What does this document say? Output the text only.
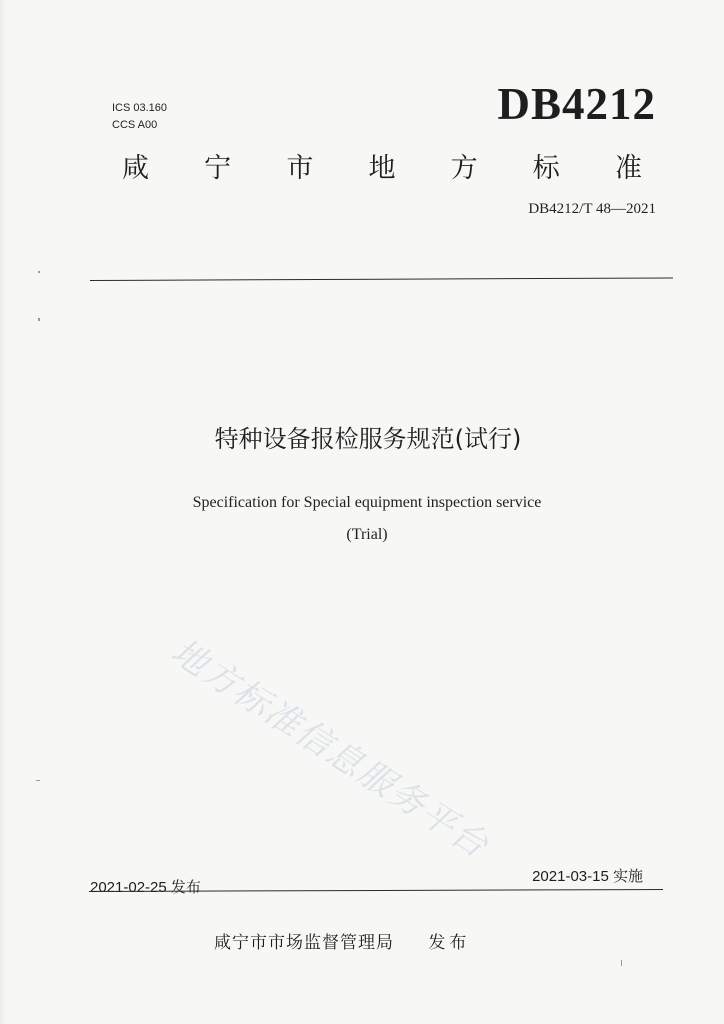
ICS 03.160
CCS A00	DB4212
咸 宁 市 地 方 标 准
DB4212/T 48—2021
特种设备报检服务规范(试行)
Specification for Special equipment inspection service
(Trial)
地方标准信息服务平台
2021-02-25 发布
2021-03-15 实施
咸宁市市场监督管理局 发布
